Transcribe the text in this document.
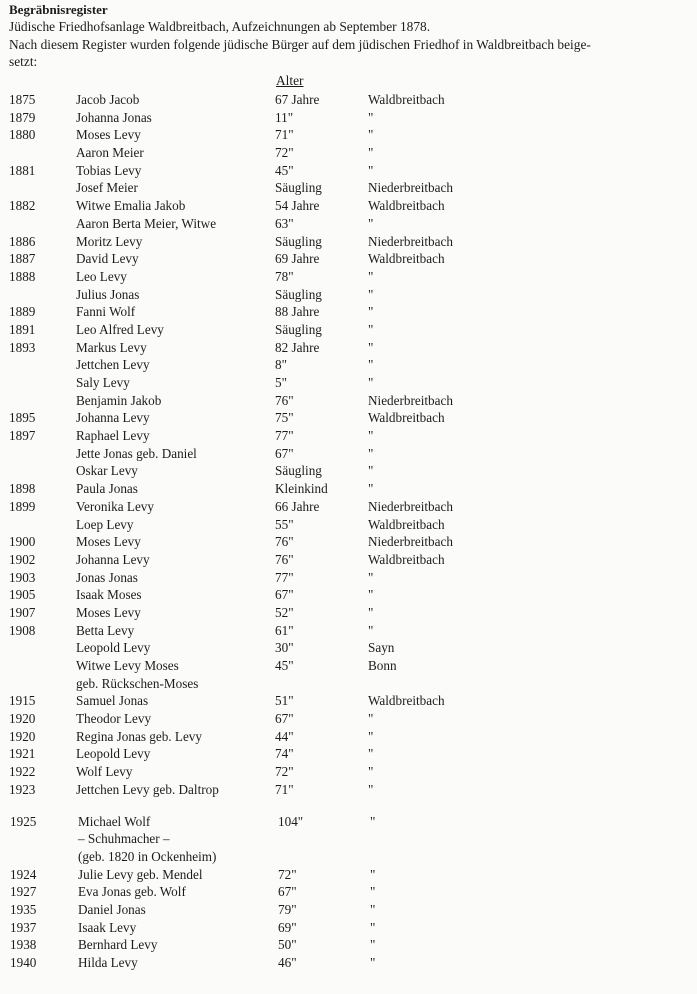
Begräbnisregister
Jüdische Friedhofsanlage Waldbreitbach, Aufzeichnungen ab September 1878.
Nach diesem Register wurden folgende jüdische Bürger auf dem jüdischen Friedhof in Waldbreitbach beige-
setzt:
Alter
1875	Jacob Jacob	67 Jahre	Waldbreitbach
1879	Johanna Jonas	11"	"
1880	Moses Levy	71"	"
Aaron Meier	72"	"
1881	Tobias Levy	45"	"
Josef Meier	Säugling	Niederbreitbach
1882	Witwe Emalia Jakob	54 Jahre	Waldbreitbach
Aaron Berta Meier, Witwe	63"	"
1886	Moritz Levy	Säugling	Niederbreitbach
1887	David Levy	69 Jahre	Waldbreitbach
1888	Leo Levy	78"	"
Julius Jonas	Säugling	"
1889	Fanni Wolf	88 Jahre	"
1891	Leo Alfred Levy	Säugling	"
1893	Markus Levy	82 Jahre	"
Jettchen Levy	8"	"
Saly Levy	5"	"
Benjamin Jakob	76"	Niederbreitbach
1895	Johanna Levy	75"	Waldbreitbach
1897	Raphael Levy	77"	"
Jette Jonas geb. Daniel	67"	"
Oskar Levy	Säugling	"
1898	Paula Jonas	Kleinkind	"
1899	Veronika Levy	66 Jahre	Niederbreitbach
Loep Levy	55"	Waldbreitbach
1900	Moses Levy	76"	Niederbreitbach
1902	Johanna Levy	76"	Waldbreitbach
1903	Jonas Jonas	77"	"
1905	Isaak Moses	67"	"
1907	Moses Levy	52"	"
1908	Betta Levy	61"	"
Leopold Levy	30"	Sayn
Witwe Levy Moses	45"	Bonn
geb. Rückschen-Moses
1915	Samuel Jonas	51"	Waldbreitbach
1920	Theodor Levy	67"	"
1920	Regina Jonas geb. Levy	44"	"
1921	Leopold Levy	74"	"
1922	Wolf Levy	72"	"
1923	Jettchen Levy geb. Daltrop	71"	"
1925	Michael Wolf	104"	"
– Schuhmacher –
(geb. 1820 in Ockenheim)
1924	Julie Levy geb. Mendel	72"	"
1927	Eva Jonas geb. Wolf	67"	"
1935	Daniel Jonas	79"	"
1937	Isaak Levy	69"	"
1938	Bernhard Levy	50"	"
1940	Hilda Levy	46"	"
